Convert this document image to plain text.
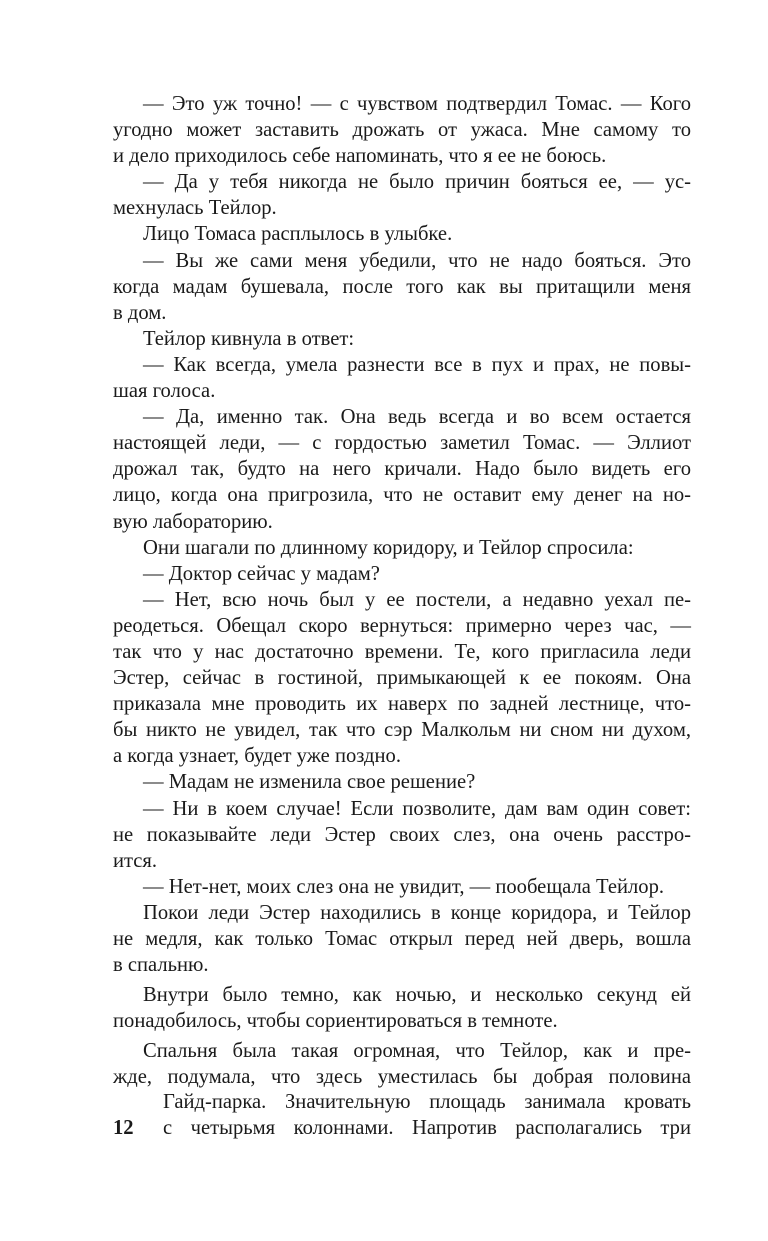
— Это уж точно! — с чувством подтвердил Томас. — Кого
угодно может заставить дрожать от ужаса. Мне самому то
и дело приходилось себе напоминать, что я ее не боюсь.
— Да у тебя никогда не было причин бояться ее, — ус-
мехнулась Тейлор.
Лицо Томаса расплылось в улыбке.
— Вы же сами меня убедили, что не надо бояться. Это
когда мадам бушевала, после того как вы притащили меня
в дом.
Тейлор кивнула в ответ:
— Как всегда, умела разнести все в пух и прах, не повы-
шая голоса.
— Да, именно так. Она ведь всегда и во всем остается
настоящей леди, — с гордостью заметил Томас. — Эллиот
дрожал так, будто на него кричали. Надо было видеть его
лицо, когда она пригрозила, что не оставит ему денег на но-
вую лабораторию.
Они шагали по длинному коридору, и Тейлор спросила:
— Доктор сейчас у мадам?
— Нет, всю ночь был у ее постели, а недавно уехал пе-
реодеться. Обещал скоро вернуться: примерно через час, —
так что у нас достаточно времени. Те, кого пригласила леди
Эстер, сейчас в гостиной, примыкающей к ее покоям. Она
приказала мне проводить их наверх по задней лестнице, что-
бы никто не увидел, так что сэр Малкольм ни сном ни духом,
а когда узнает, будет уже поздно.
— Мадам не изменила свое решение?
— Ни в коем случае! Если позволите, дам вам один совет:
не показывайте леди Эстер своих слез, она очень расстро-
ится.
— Нет-нет, моих слез она не увидит, — пообещала Тейлор.
Покои леди Эстер находились в конце коридора, и Тейлор
не медля, как только Томас открыл перед ней дверь, вошла
в спальню.
Внутри было темно, как ночью, и несколько секунд ей
понадобилось, чтобы сориентироваться в темноте.
Спальня была такая огромная, что Тейлор, как и пре-
жде, подумала, что здесь уместилась бы добрая половина
Гайд-парка. Значительную площадь занимала кровать
с четырьмя колоннами. Напротив располагались три
12
